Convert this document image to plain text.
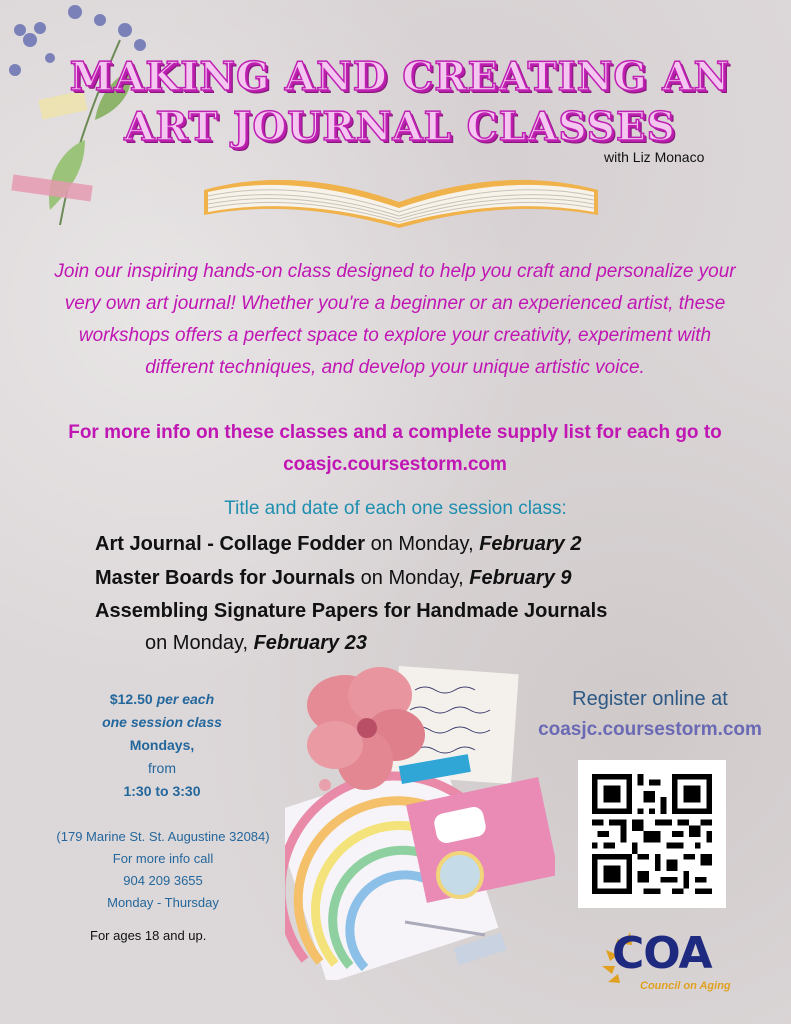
MAKING AND CREATING AN
ART JOURNAL CLASSES
with Liz Monaco
Join our inspiring hands-on class designed to help you craft and personalize your very own art journal! Whether you're a beginner or an experienced artist, these workshops offers a perfect space to explore your creativity, experiment with different techniques, and develop your unique artistic voice.
For more info on these classes and a complete supply list for each go to coasjc.coursestorm.com
Title and date of each one session class:
Art Journal - Collage Fodder on Monday, February 2
Master Boards for Journals on Monday, February 9
Assembling Signature Papers for Handmade Journals
on Monday, February 23
$12.50 per each
one session class
Mondays,
from
1:30 to 3:30
(179 Marine St. St. Augustine 32084)
For more info call
904 209 3655
Monday - Thursday
For ages 18 and up.
Register online at
coasjc.coursestorm.com
COA
Council on Aging
